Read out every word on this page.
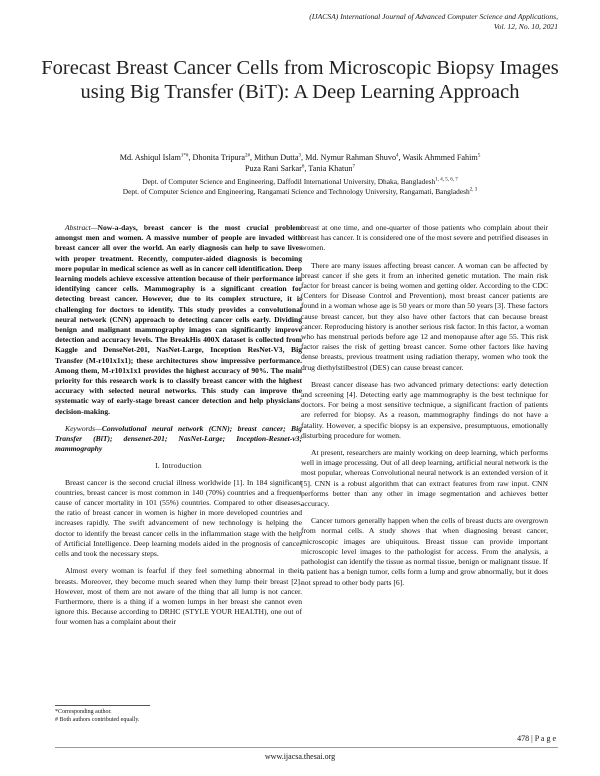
(IJACSA) International Journal of Advanced Computer Science and Applications,
Vol. 12, No. 10, 2021
Forecast Breast Cancer Cells from Microscopic Biopsy Images using Big Transfer (BiT): A Deep Learning Approach
Md. Ashiqul Islam$^{1*\#}$, Dhonita Tripura$^{2\#}$, Mithun Dutta$^3$, Md. Nymur Rahman Shuvo$^4$, Wasik Ahmmed Fahim$^5$
Puza Rani Sarkar$^6$, Tania Khatun$^7$
Dept. of Computer Science and Engineering, Daffodil International University, Dhaka, Bangladesh$^{1, 4, 5, 6, 7}$
Dept. of Computer Science and Engineering, Rangamati Science and Technology University, Rangamati, Bangladesh$^{2, 3}$

Abstract—Now-a-days, breast cancer is the most crucial problem amongst men and women. A massive number of people are invaded with breast cancer all over the world. An early diagnosis can help to save lives with proper treatment. Recently, computer-aided diagnosis is becoming more popular in medical science as well as in cancer cell identification. Deep learning models achieve excessive attention because of their performance in identifying cancer cells. Mammography is a significant creation for detecting breast cancer. However, due to its complex structure, it is challenging for doctors to identify. This study provides a convolutional neural network (CNN) approach to detecting cancer cells early. Dividing benign and malignant mammography images can significantly improve detection and accuracy levels. The BreakHis 400X dataset is collected from Kaggle and DenseNet-201, NasNet-Large, Inception ResNet-V3, Big Transfer (M-r101x1x1); these architectures show impressive performance. Among them, M-r101x1x1 provides the highest accuracy of 90%. The main priority for this research work is to classify breast cancer with the highest accuracy with selected neural networks. This study can improve the systematic way of early-stage breast cancer detection and help physicians' decision-making.

Keywords—Convolutional neural network (CNN); breast cancer; Big Transfer (BiT); densenet-201; NasNet-Large; Inception-Resnet-v3; mammography

I. Introduction

Breast cancer is the second crucial illness worldwide [1]. In 184 significant countries, breast cancer is most common in 140 (70%) countries and a frequent cause of cancer mortality in 101 (55%) countries. Compared to other diseases, the ratio of breast cancer in women is higher in more developed countries and increases rapidly. The swift advancement of new technology is helping the doctor to identify the breast cancer cells in the inflammation stage with the help of Artificial Intelligence. Deep learning models aided in the prognosis of cancer cells and took the necessary steps.

Almost every woman is fearful if they feel something abnormal in their breasts. Moreover, they become much seared when they lump their breast [2]. However, most of them are not aware of the thing that all lump is not cancer. Furthermore, there is a thing if a women lumps in her breast she cannot even ignore this. Because according to DRHC (STYLE YOUR HEALTH), one out of four women has a complaint about their

breast at one time, and one-quarter of those patients who complain about their breast has cancer. It is considered one of the most severe and petrified diseases in women.

There are many issues affecting breast cancer. A woman can be affected by breast cancer if she gets it from an inherited genetic mutation. The main risk factor for breast cancer is being women and getting older. According to the CDC (Centers for Disease Control and Prevention), most breast cancer patients are found in a woman whose age is 50 years or more than 50 years [3]. These factors cause breast cancer, but they also have other factors that can because breast cancer. Reproducing history is another serious risk factor. In this factor, a woman who has menstrual periods before age 12 and menopause after age 55. This risk factor raises the risk of getting breast cancer. Some other factors like having dense breasts, previous treatment using radiation therapy, women who took the drug diethylstilbestrol (DES) can cause breast cancer.

Breast cancer disease has two advanced primary detections: early detection and screening [4]. Detecting early age mammography is the best technique for doctors. For being a most sensitive technique, a significant fraction of patients are referred for biopsy. As a reason, mammography findings do not have a fatality. However, a specific biopsy is an expensive, presumptuous, emotionally disturbing procedure for women.

At present, researchers are mainly working on deep learning, which performs well in image processing. Out of all deep learning, artificial neural network is the most popular, whereas Convolutional neural network is an extended version of it [5]. CNN is a robust algorithm that can extract features from raw input. CNN performs better than any other in image segmentation and achieves better accuracy.

Cancer tumors generally happen when the cells of breast ducts are overgrown from normal cells. A study shows that when diagnosing breast cancer, microscopic images are ubiquitous. Breast tissue can provide important microscopic level images to the pathologist for access. From the analysis, a pathologist can identify the tissue as normal tissue, benign or malignant tissue. If a patient has a benign tumor, cells form a lump and grow abnormally, but it does not spread to other body parts [6].

*Corresponding author.
# Both authors contributed equally.
478 | P a g e
www.ijacsa.thesai.org
